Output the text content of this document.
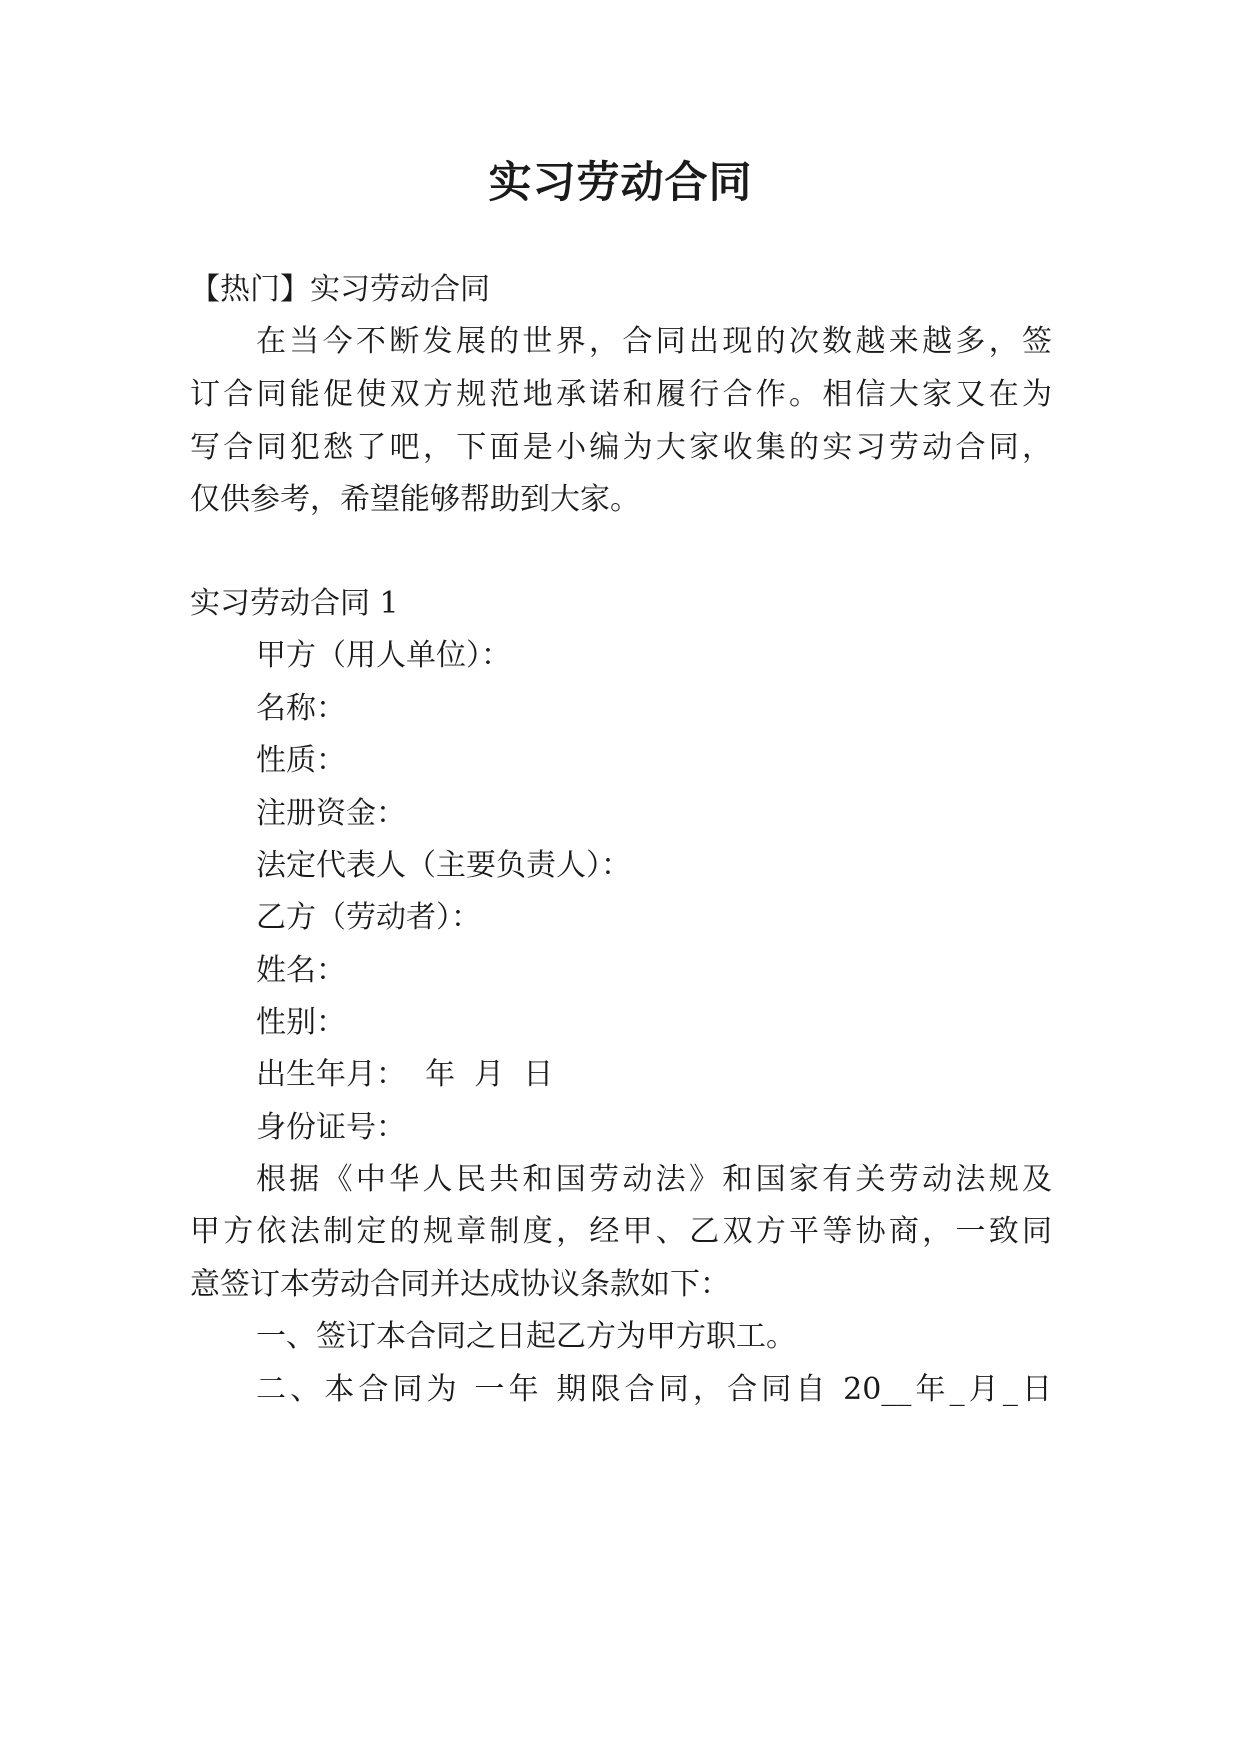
实习劳动合同

【热门】实习劳动合同

在当今不断发展的世界，合同出现的次数越来越多，签

订合同能促使双方规范地承诺和履行合作。相信大家又在为

写合同犯愁了吧，下面是小编为大家收集的实习劳动合同，

仅供参考，希望能够帮助到大家。

实习劳动合同 1

甲方（用人单位）：

名称：

性质：

注册资金：

法定代表人（主要负责人）：

乙方（劳动者）：

姓名：

性别：

出生年月：  年  月  日

身份证号：

根据《中华人民共和国劳动法》和国家有关劳动法规及

甲方依法制定的规章制度，经甲、乙双方平等协商，一致同

意签订本劳动合同并达成协议条款如下：

一、签订本合同之日起乙方为甲方职工。

二、本合同为 一年 期限合同，合同自 20__年_月_日
